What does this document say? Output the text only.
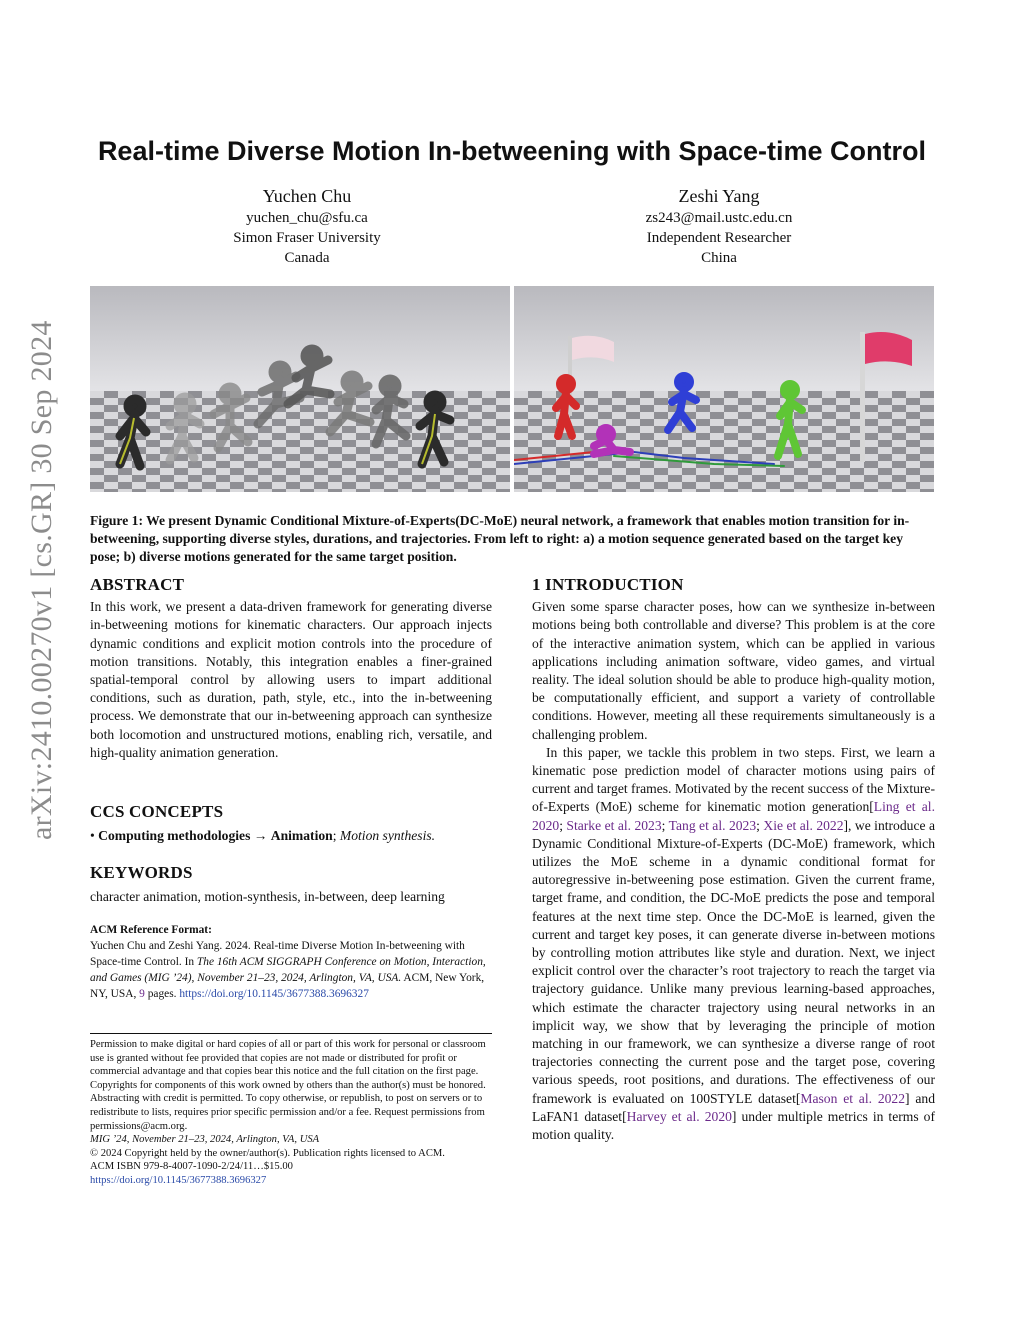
arXiv:2410.00270v1 [cs.GR] 30 Sep 2024
Real-time Diverse Motion In-betweening with Space-time Control
Yuchen Chu
yuchen_chu@sfu.ca
Simon Fraser University
Canada
Zeshi Yang
zs243@mail.ustc.edu.cn
Independent Researcher
China
Figure 1: We present Dynamic Conditional Mixture-of-Experts(DC-MoE) neural network, a framework that enables motion transition for in-betweening, supporting diverse styles, durations, and trajectories. From left to right: a) a motion sequence generated based on the target key pose; b) diverse motions generated for the same target position.
ABSTRACT

In this work, we present a data-driven framework for generating diverse in-betweening motions for kinematic characters. Our approach injects dynamic conditions and explicit motion controls into the procedure of motion transitions. Notably, this integration enables a finer-grained spatial-temporal control by allowing users to impart additional conditions, such as duration, path, style, etc., into the in-betweening process. We demonstrate that our in-betweening approach can synthesize both locomotion and unstructured motions, enabling rich, versatile, and high-quality animation generation.

CCS CONCEPTS

• Computing methodologies → Animation; Motion synthesis.

KEYWORDS

character animation, motion-synthesis, in-between, deep learning

ACM Reference Format:
Yuchen Chu and Zeshi Yang. 2024. Real-time Diverse Motion In-betweening with Space-time Control. In The 16th ACM SIGGRAPH Conference on Motion, Interaction, and Games (MIG ’24), November 21–23, 2024, Arlington, VA, USA. ACM, New York, NY, USA, 9 pages. https://doi.org/10.1145/3677388.3696327
Permission to make digital or hard copies of all or part of this work for personal or classroom use is granted without fee provided that copies are not made or distributed for profit or commercial advantage and that copies bear this notice and the full citation on the first page. Copyrights for components of this work owned by others than the author(s) must be honored. Abstracting with credit is permitted. To copy otherwise, or republish, to post on servers or to redistribute to lists, requires prior specific permission and/or a fee. Request permissions from permissions@acm.org.
MIG ’24, November 21–23, 2024, Arlington, VA, USA
© 2024 Copyright held by the owner/author(s). Publication rights licensed to ACM.
ACM ISBN 979-8-4007-1090-2/24/11…$15.00
https://doi.org/10.1145/3677388.3696327
1 INTRODUCTION

Given some sparse character poses, how can we synthesize in-between motions being both controllable and diverse? This problem is at the core of the interactive animation system, which can be applied in various applications including animation software, video games, and virtual reality. The ideal solution should be able to produce high-quality motion, be computationally efficient, and support a variety of controllable conditions. However, meeting all these requirements simultaneously is a challenging problem.

In this paper, we tackle this problem in two steps. First, we learn a kinematic pose prediction model of character motions using pairs of current and target frames. Motivated by the recent success of the Mixture-of-Experts (MoE) scheme for kinematic motion generation[Ling et al. 2020; Starke et al. 2023; Tang et al. 2023; Xie et al. 2022], we introduce a Dynamic Conditional Mixture-of-Experts (DC-MoE) framework, which utilizes the MoE scheme in a dynamic conditional format for autoregressive in-betweening pose estimation. Given the current frame, target frame, and condition, the DC-MoE predicts the pose and temporal features at the next time step. Once the DC-MoE is learned, given the current and target key poses, it can generate diverse in-between motions by controlling motion attributes like style and duration. Next, we inject explicit control over the character’s root trajectory to reach the target via trajectory guidance. Unlike many previous learning-based approaches, which estimate the character trajectory using neural networks in an implicit way, we show that by leveraging the principle of motion matching in our framework, we can synthesize a diverse range of root trajectories connecting the current pose and the target pose, covering various speeds, root positions, and durations. The effectiveness of our framework is evaluated on 100STYLE dataset[Mason et al. 2022] and LaFAN1 dataset[Harvey et al. 2020] under multiple metrics in terms of motion quality.
